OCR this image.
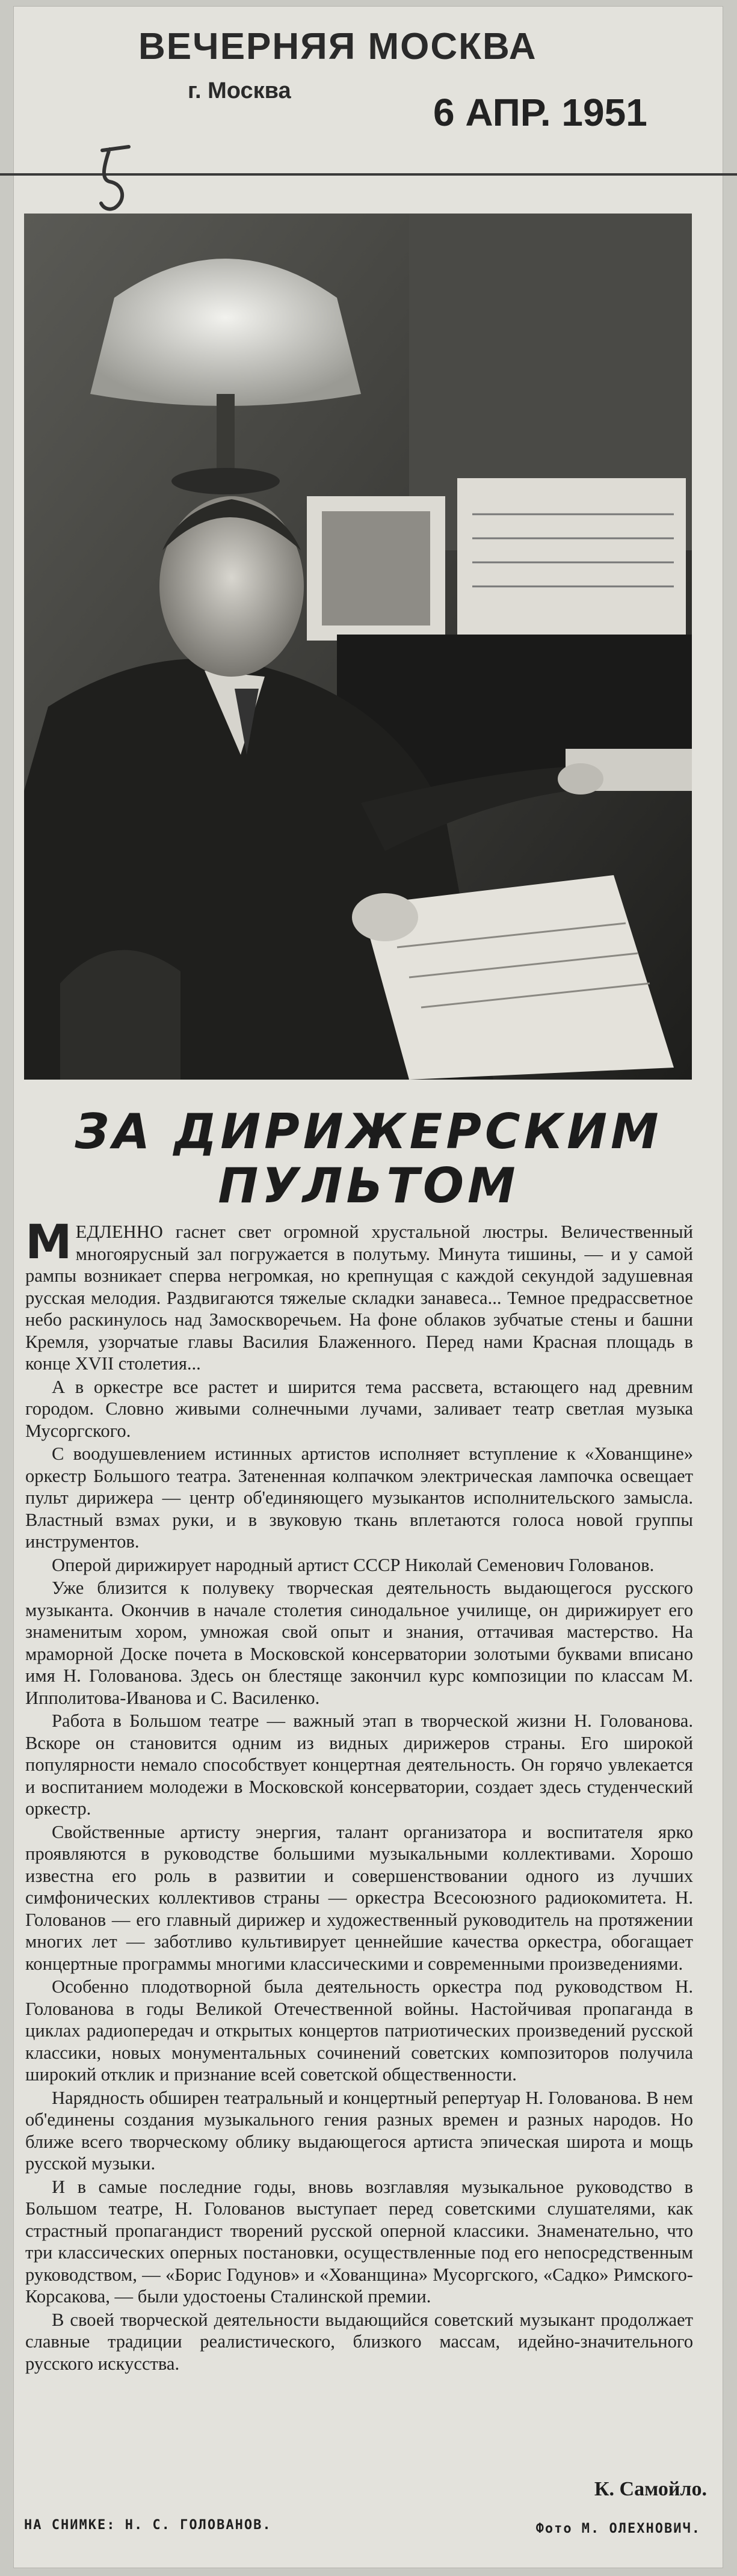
ВЕЧЕРНЯЯ МОСКВА
г. Москва	6 АПР. 1951
ЗА ДИРИЖЕРСКИМ
ПУЛЬТОМ

МЕДЛЕННО гаснет свет огромной хрустальной люстры. Величественный многоярусный зал погружается в полутьму. Минута тишины, — и у самой рампы возникает сперва негромкая, но крепнущая с каждой секундой задушевная русская мелодия. Раздвигаются тяжелые складки занавеса... Темное предрассветное небо раскинулось над Замоскворечьем. На фоне облаков зубчатые стены и башни Кремля, узорчатые главы Василия Блаженного. Перед нами Красная площадь в конце XVII столетия...

А в оркестре все растет и ширится тема рассвета, встающего над древним городом. Словно живыми солнечными лучами, заливает театр светлая музыка Мусоргского.

С воодушевлением истинных артистов исполняет вступление к «Хованщине» оркестр Большого театра. Затененная колпачком электрическая лампочка освещает пульт дирижера — центр об'единяющего музыкантов исполнительского замысла. Властный взмах руки, и в звуковую ткань вплетаются голоса новой группы инструментов.

Оперой дирижирует народный артист СССР Николай Семенович Голованов.

Уже близится к полувеку творческая деятельность выдающегося русского музыканта. Окончив в начале столетия синодальное училище, он дирижирует его знаменитым хором, умножая свой опыт и знания, оттачивая мастерство. На мраморной Доске почета в Московской консерватории золотыми буквами вписано имя Н. Голованова. Здесь он блестяще закончил курс композиции по классам М. Ипполитова-Иванова и С. Василенко.

Работа в Большом театре — важный этап в творческой жизни Н. Голованова. Вскоре он становится одним из видных дирижеров страны. Его широкой популярности немало способствует концертная деятельность. Он горячо увлекается и воспитанием молодежи в Московской консерватории, создает здесь студенческий оркестр.

Свойственные артисту энергия, талант организатора и воспитателя ярко проявляются в руководстве большими музыкальными коллективами. Хорошо известна его роль в развитии и совершенствовании одного из лучших симфонических коллективов страны — оркестра Всесоюзного радиокомитета. Н. Голованов — его главный дирижер и художественный руководитель на протяжении многих лет — заботливо культивирует ценнейшие качества оркестра, обогащает концертные программы многими классическими и современными произведениями.

Особенно плодотворной была деятельность оркестра под руководством Н. Голованова в годы Великой Отечественной войны. Настойчивая пропаганда в циклах радиопередач и открытых концертов патриотических произведений русской классики, новых монументальных сочинений советских композиторов получила широкий отклик и признание всей советской общественности.

Нарядность обширен театральный и концертный репертуар Н. Голованова. В нем об'единены создания музыкального гения разных времен и разных народов. Но ближе всего творческому облику выдающегося артиста эпическая широта и мощь русской музыки.

И в самые последние годы, вновь возглавляя музыкальное руководство в Большом театре, Н. Голованов выступает перед советскими слушателями, как страстный пропагандист творений русской оперной классики. Знаменательно, что три классических оперных постановки, осуществленные под его непосредственным руководством, — «Борис Годунов» и «Хованщина» Мусоргского, «Садко» Римского-Корсакова, — были удостоены Сталинской премии.

В своей творческой деятельности выдающийся советский музыкант продолжает славные традиции реалистического, близкого массам, идейно-значительного русского искусства.

К. Самойло.
НА СНИМКЕ: Н. С. ГОЛОВАНОВ.	Фото М. ОЛЕХНОВИЧ.
